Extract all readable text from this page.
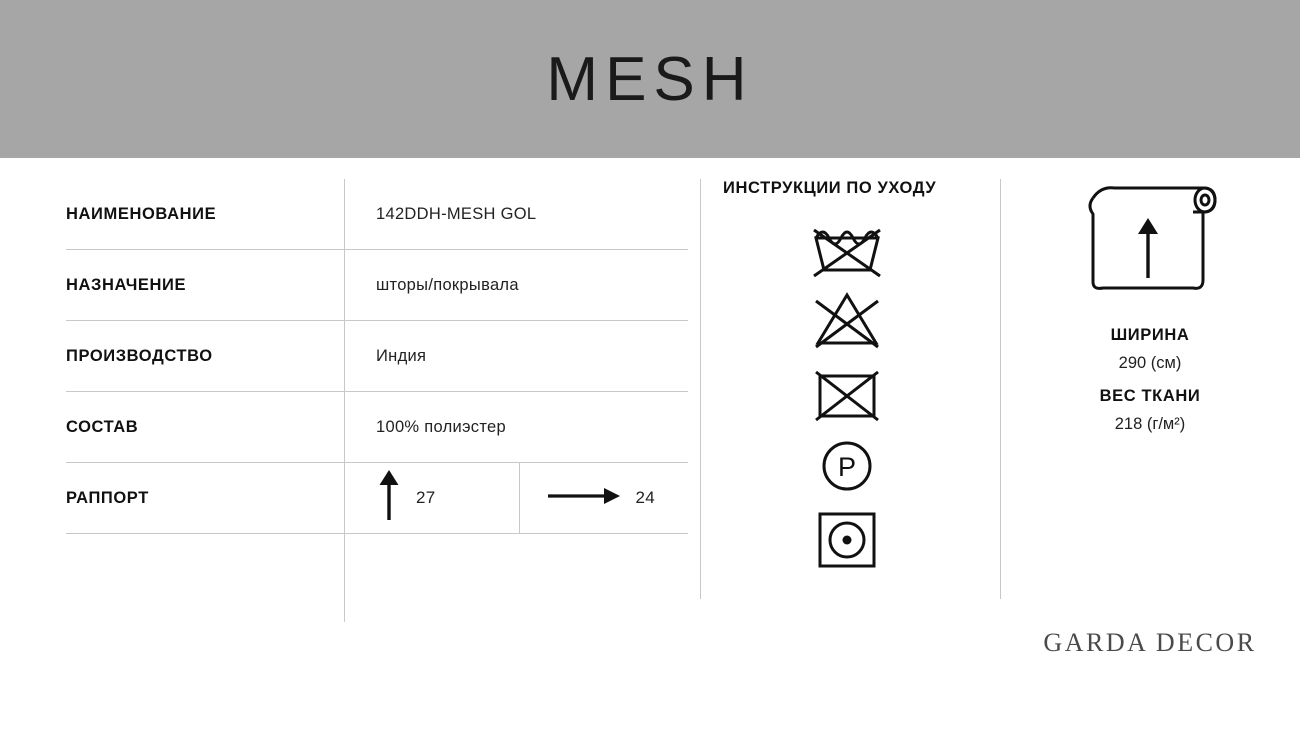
MESH
НАИМЕНОВАНИЕ	142DDH-MESH GOL
НАЗНАЧЕНИЕ	шторы/покрывала
ПРОИЗВОДСТВО	Индия
СОСТАВ	100% полиэстер
РАППОРТ	27	24
ИНСТРУКЦИИ ПО УХОДУ
P
ШИРИНА
290 (см)
ВЕС ТКАНИ
218 (г/м²)
GARDA DECOR
